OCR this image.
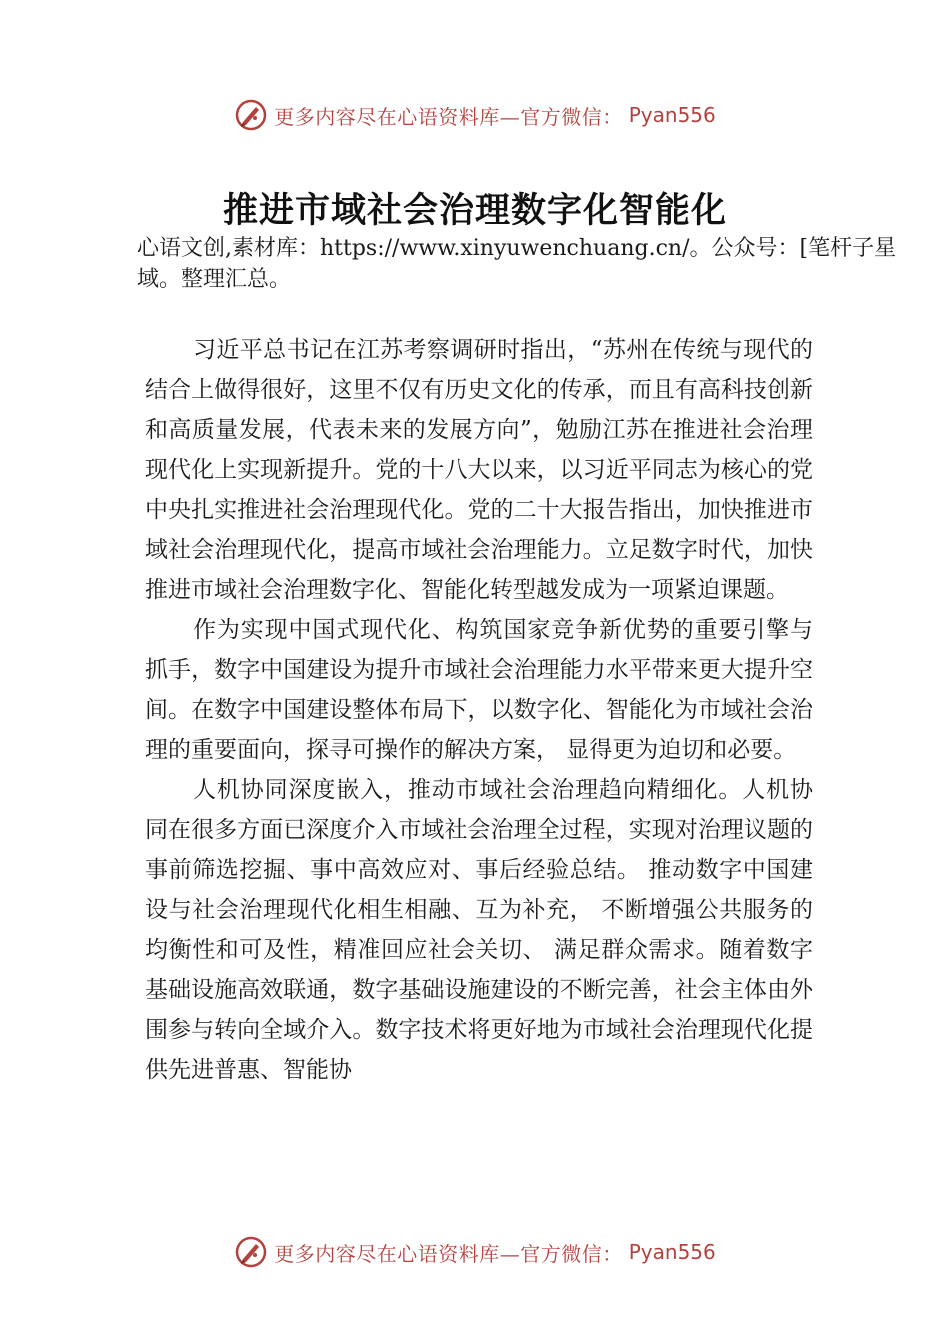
更多内容尽在心语资料库—官方微信： Pyan556
推进市域社会治理数字化智能化

心语文创,素材库：https://www.xinyuwenchuang.cn/。公众号：[笔杆子星域。整理汇总。

习近平总书记在江苏考察调研时指出，“苏州在传统与现代的结合上做得很好，这里不仅有历史文化的传承，而且有高科技创新和高质量发展，代表未来的发展方向”，勉励江苏在推进社会治理现代化上实现新提升。党的十八大以来，以习近平同志为核心的党中央扎实推进社会治理现代化。党的二十大报告指出，加快推进市域社会治理现代化，提高市域社会治理能力。立足数字时代，加快推进市域社会治理数字化、智能化转型越发成为一项紧迫课题。

作为实现中国式现代化、构筑国家竞争新优势的重要引擎与抓手，数字中国建设为提升市域社会治理能力水平带来更大提升空间。在数字中国建设整体布局下，以数字化、智能化为市域社会治理的重要面向，探寻可操作的解决方案， 显得更为迫切和必要。

人机协同深度嵌入，推动市域社会治理趋向精细化。人机协同在很多方面已深度介入市域社会治理全过程，实现对治理议题的事前筛选挖掘、事中高效应对、事后经验总结。 推动数字中国建设与社会治理现代化相生相融、互为补充， 不断增强公共服务的均衡性和可及性，精准回应社会关切、 满足群众需求。随着数字基础设施高效联通，数字基础设施建设的不断完善，社会主体由外围参与转向全域介入。数字技术将更好地为市域社会治理现代化提供先进普惠、智能协

更多内容尽在心语资料库—官方微信： Pyan556
